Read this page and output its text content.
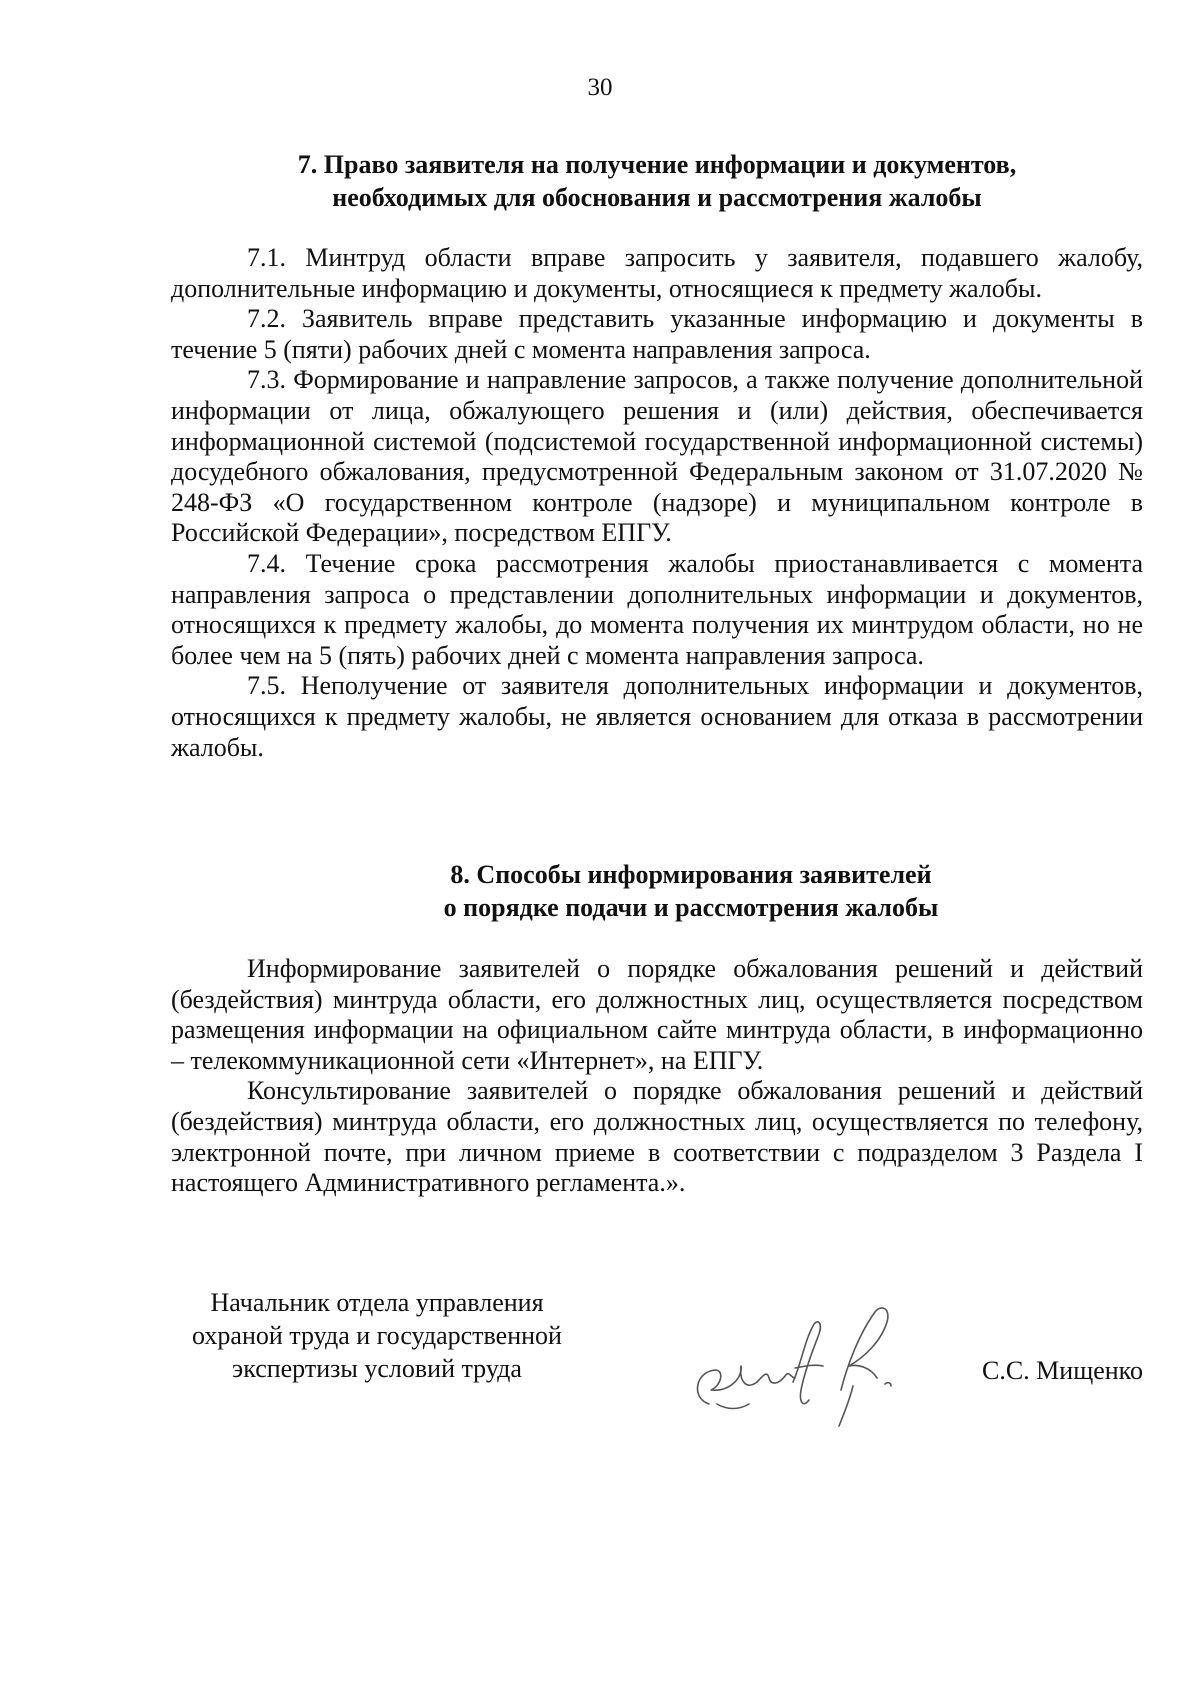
30
7. Право заявителя на получение информации и документов,
необходимых для обоснования и рассмотрения жалобы

7.1. Минтруд области вправе запросить у заявителя, подавшего жалобу, дополнительные информацию и документы, относящиеся к предмету жалобы.

7.2. Заявитель вправе представить указанные информацию и документы в течение 5 (пяти) рабочих дней с момента направления запроса.

7.3. Формирование и направление запросов, а также получение дополнительной информации от лица, обжалующего решения и (или) действия, обеспечивается информационной системой (подсистемой государственной информационной системы) досудебного обжалования, предусмотренной Федеральным законом от 31.07.2020 № 248-ФЗ «О государственном контроле (надзоре) и муниципальном контроле в Российской Федерации», посредством ЕПГУ.

7.4. Течение срока рассмотрения жалобы приостанавливается с момента направления запроса о представлении дополнительных информации и документов, относящихся к предмету жалобы, до момента получения их минтрудом области, но не более чем на 5 (пять) рабочих дней с момента направления запроса.

7.5. Неполучение от заявителя дополнительных информации и документов, относящихся к предмету жалобы, не является основанием для отказа в рассмотрении жалобы.

8. Способы информирования заявителей
о порядке подачи и рассмотрения жалобы

Информирование заявителей о порядке обжалования решений и действий (бездействия) минтруда области, его должностных лиц, осуществляется посредством размещения информации на официальном сайте минтруда области, в информационно – телекоммуникационной сети «Интернет», на ЕПГУ.

Консультирование заявителей о порядке обжалования решений и действий (бездействия) минтруда области, его должностных лиц, осуществляется по телефону, электронной почте, при личном приеме в соответствии с подразделом 3 Раздела I настоящего Административного регламента.».

Начальник отдела управления
охраной труда и государственной
экспертизы условий труда	С.С. Мищенко
